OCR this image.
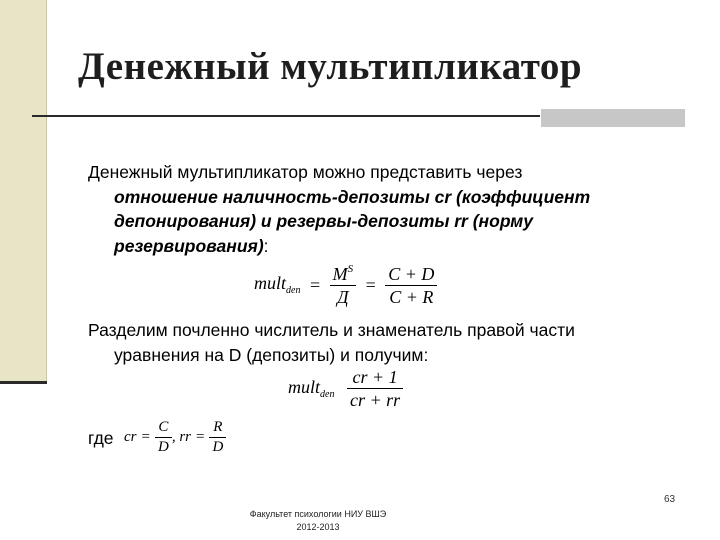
Денежный мультипликатор

Денежный мультипликатор можно представить через
отношение наличность-депозиты cr (коэффициент
депонирования) и резервы-депозиты rr (норму
резервирования):

mult$_{den}$ = $\frac{M^S}{Д} = \frac{C + D}{C + R}$

Разделим почленно числитель и знаменатель правой части
уравнения на D (депозиты) и получим:

mult$_{den}$ $\frac{cr + 1}{cr + rr}$
где cr = $\frac{C}{D}$ , rr = $\frac{R}{D}$
63
Факультет психологии НИУ ВШЭ
2012-2013
